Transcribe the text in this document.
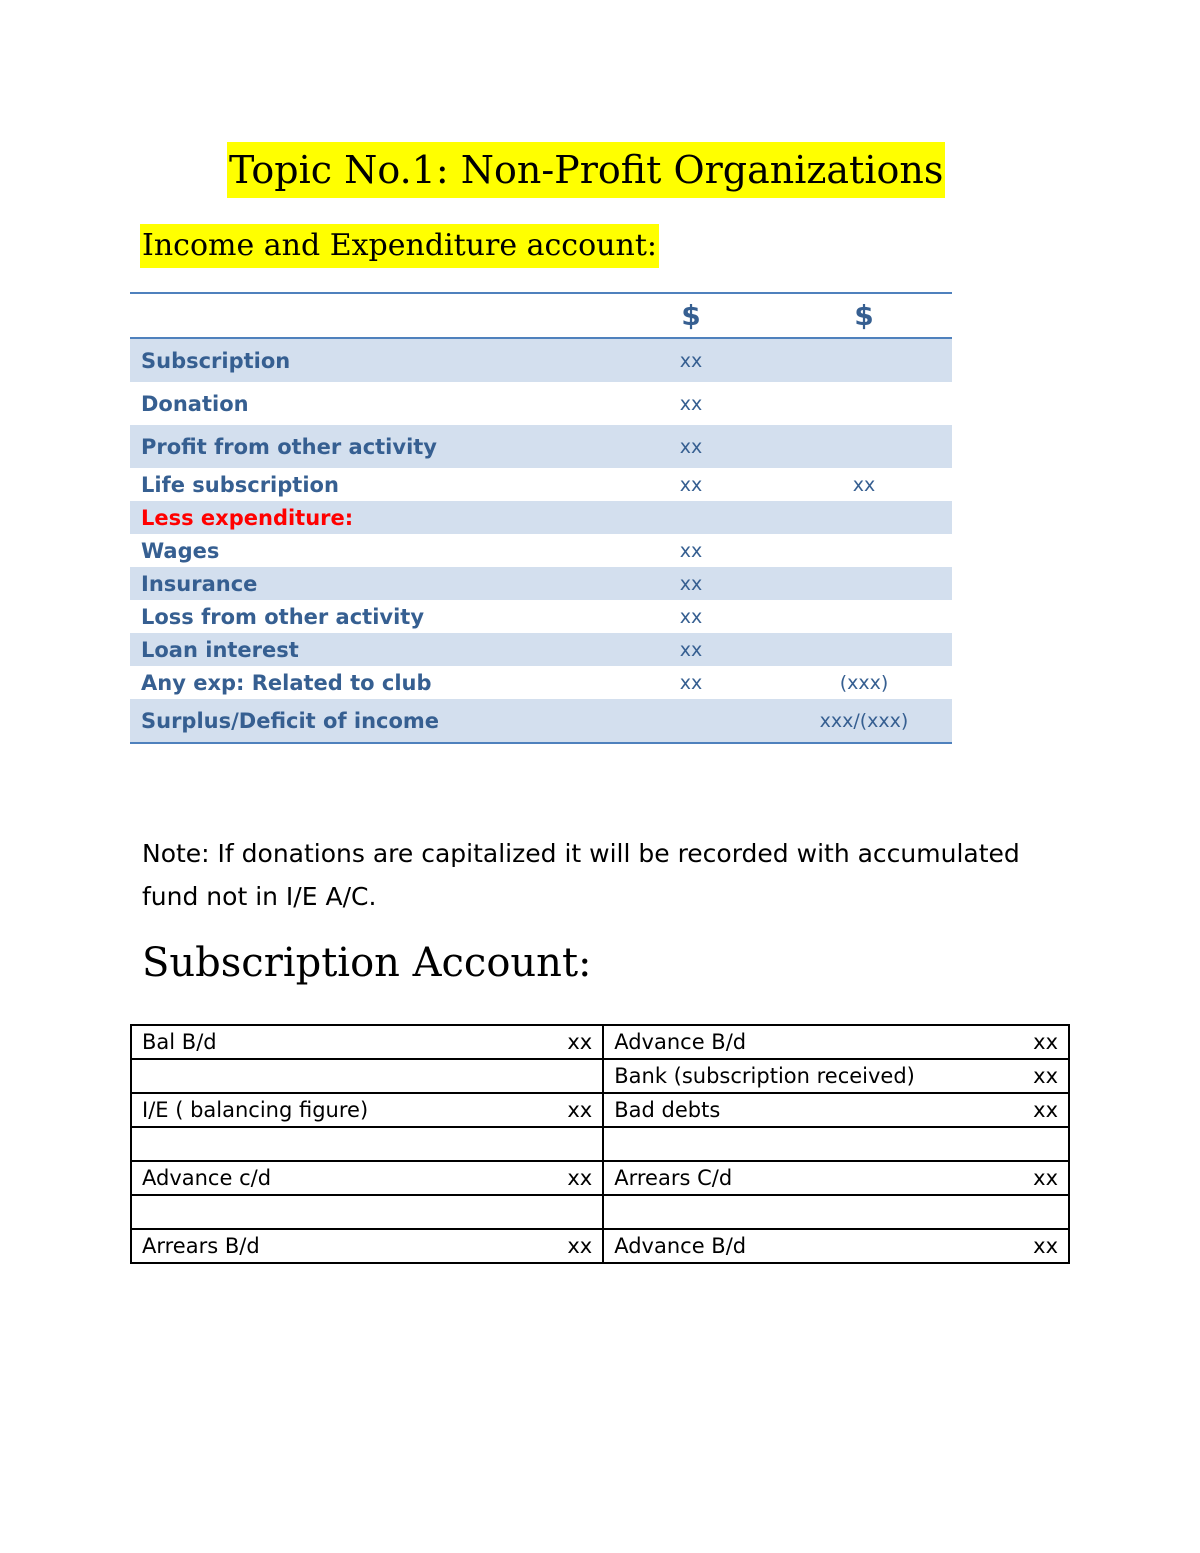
Topic No.1: Non-Profit Organizations
Income and Expenditure account:
	$	$
Subscription	xx	
Donation	xx	
Profit from other activity	xx	
Life subscription	xx	xx
Less expenditure:		
Wages	xx	
Insurance	xx	
Loss from other activity	xx	
Loan interest	xx	
Any exp: Related to club	xx	(xxx)
Surplus/Deficit of income		xxx/(xxx)
Note: If donations are capitalized it will be recorded with accumulated fund not in I/E A/C.
Subscription Account:
Bal B/d	xx	Advance B/d	xx
		Bank (subscription received)	xx
I/E ( balancing figure)	xx	Bad debts	xx

Advance c/d	xx	Arrears C/d	xx

Arrears B/d	xx	Advance B/d	xx
